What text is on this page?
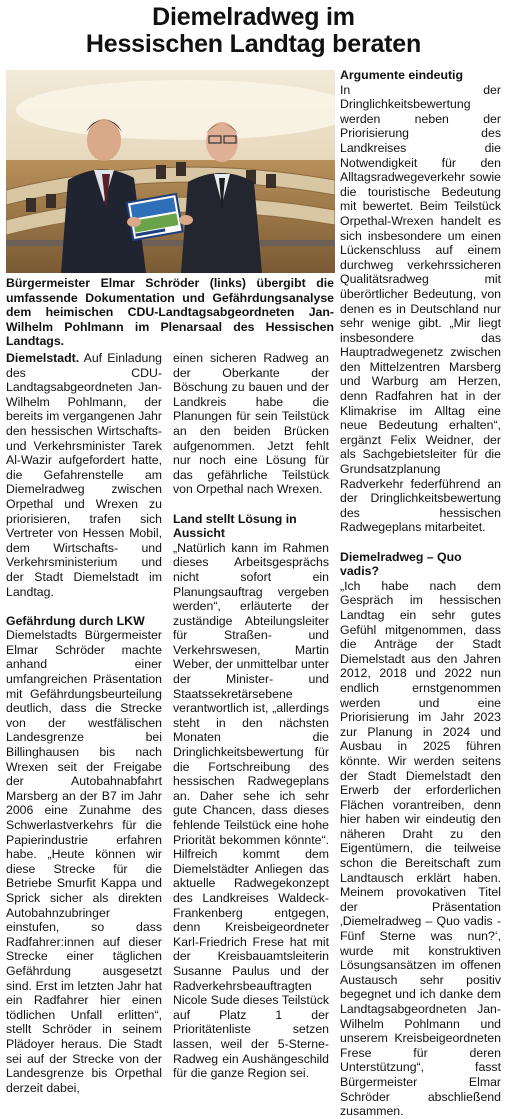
Diemelradweg im
Hessischen Landtag beraten
Bürgermeister Elmar Schröder (links) übergibt die umfassende Dokumentation und Gefährdungsanalyse dem heimischen CDU-Landtagsabgeordneten Jan-Wilhelm Pohlmann im Plenarsaal des Hessischen Landtags.

Diemelstadt. Auf Einladung des CDU-Landtagsabgeordneten Jan-Wilhelm Pohlmann, der bereits im vergangenen Jahr den hessischen Wirtschafts- und Verkehrsminister Tarek Al-Wazir aufgefordert hatte, die Gefahrenstelle am Diemelradweg zwischen Orpethal und Wrexen zu priorisieren, trafen sich Vertreter von Hessen Mobil, dem Wirtschafts- und Verkehrsministerium und der Stadt Diemelstadt im Landtag.

Gefährdung durch LKW

Diemelstadts Bürgermeister Elmar Schröder machte anhand einer umfangreichen Präsentation mit Gefährdungsbeurteilung deutlich, dass die Strecke von der westfälischen Landesgrenze bei Billinghausen bis nach Wrexen seit der Freigabe der Autobahnabfahrt Marsberg an der B7 im Jahr 2006 eine Zunahme des Schwerlastverkehrs für die Papierindustrie erfahren habe. „Heute können wir diese Strecke für die Betriebe Smurfit Kappa und Sprick sicher als direkten Autobahnzubringer einstufen, so dass Radfahrer:innen auf dieser Strecke einer täglichen Gefährdung ausgesetzt sind. Erst im letzten Jahr hat ein Radfahrer hier einen tödlichen Unfall erlitten“, stellt Schröder in seinem Plädoyer heraus. Die Stadt sei auf der Strecke von der Landesgrenze bis Orpethal derzeit dabei,

einen sicheren Radweg an der Oberkante der Böschung zu bauen und der Landkreis habe die Planungen für sein Teilstück an den beiden Brücken aufgenommen. Jetzt fehlt nur noch eine Lösung für das gefährliche Teilstück von Orpethal nach Wrexen.

Land stellt Lösung in Aussicht

„Natürlich kann im Rahmen dieses Arbeitsgesprächs nicht sofort ein Planungsauftrag vergeben werden“, erläuterte der zuständige Abteilungsleiter für Straßen- und Verkehrswesen, Martin Weber, der unmittelbar unter der Minister- und Staatssekretärsebene verantwortlich ist, „allerdings steht in den nächsten Monaten die Dringlichkeitsbewertung für die Fortschreibung des hessischen Radwegeplans an. Daher sehe ich sehr gute Chancen, dass dieses fehlende Teilstück eine hohe Priorität bekommen könnte“. Hilfreich kommt dem Diemelstädter Anliegen das aktuelle Radwegekonzept des Landkreises Waldeck-Frankenberg entgegen, denn Kreisbeigeordneter Karl-Friedrich Frese hat mit der Kreisbauamtsleiterin Susanne Paulus und der Radverkehrsbeauftragten Nicole Sude dieses Teilstück auf Platz 1 der Prioritätenliste setzen lassen, weil der 5-Sterne-Radweg ein Aushängeschild für die ganze Region sei.

Argumente eindeutig

In der Dringlichkeitsbewertung werden neben der Priorisierung des Landkreises die Notwendigkeit für den Alltagsradwegeverkehr sowie die touristische Bedeutung mit bewertet. Beim Teilstück Orpethal-Wrexen handelt es sich insbesondere um einen Lückenschluss auf einem durchweg verkehrssicheren Qualitätsradweg mit überörtlicher Bedeutung, von denen es in Deutschland nur sehr wenige gibt. „Mir liegt insbesondere das Hauptradwegenetz zwischen den Mittelzentren Marsberg und Warburg am Herzen, denn Radfahren hat in der Klimakrise im Alltag eine neue Bedeutung erhalten“, ergänzt Felix Weidner, der als Sachgebietsleiter für die Grundsatzplanung Radverkehr federführend an der Dringlichkeitsbewertung des hessischen Radwegeplans mitarbeitet.

Diemelradweg – Quo vadis?

„Ich habe nach dem Gespräch im hessischen Landtag ein sehr gutes Gefühl mitgenommen, dass die Anträge der Stadt Diemelstadt aus den Jahren 2012, 2018 und 2022 nun endlich ernstgenommen werden und eine Priorisierung im Jahr 2023 zur Planung in 2024 und Ausbau in 2025 führen könnte. Wir werden seitens der Stadt Diemelstadt den Erwerb der erforderlichen Flächen vorantreiben, denn hier haben wir eindeutig den näheren Draht zu den Eigentümern, die teilweise schon die Bereitschaft zum Landtausch erklärt haben. Meinem provokativen Titel der Präsentation ‚Diemelradweg – Quo vadis - Fünf Sterne was nun?‘, wurde mit konstruktiven Lösungsansätzen im offenen Austausch sehr positiv begegnet und ich danke dem Landtagsabgeordneten Jan-Wilhelm Pohlmann und unserem Kreisbeigeordneten Frese für deren Unterstützung“, fasst Bürgermeister Elmar Schröder abschließend zusammen.
